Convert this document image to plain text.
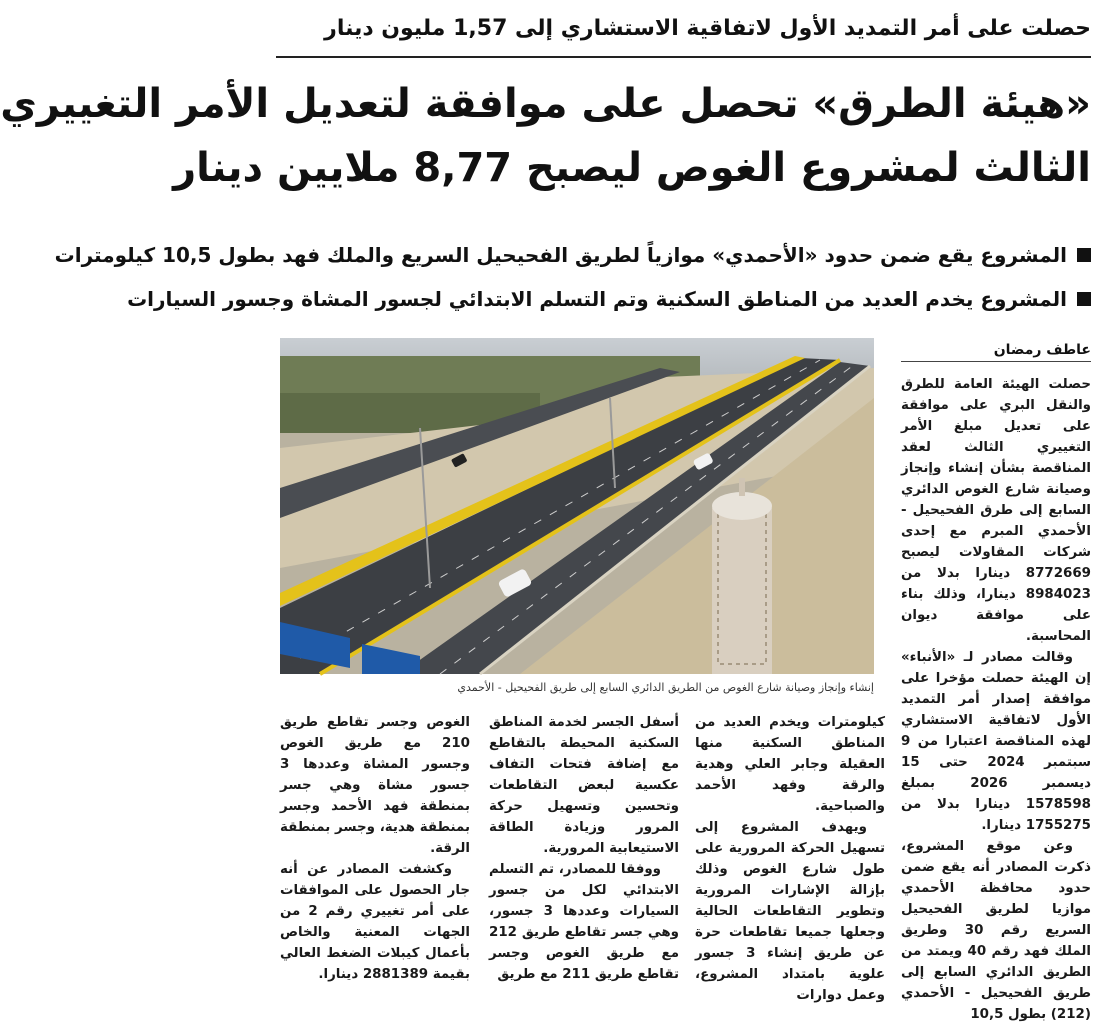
حصلت على أمر التمديد الأول لاتفاقية الاستشاري إلى 1,57 مليون دينار
«هيئة الطرق» تحصل على موافقة لتعديل الأمر التغييري
الثالث لمشروع الغوص ليصبح 8,77 ملايين دينار
المشروع يقع ضمن حدود «الأحمدي» موازياً لطريق الفحيحيل السريع والملك فهد بطول 10,5 كيلومترات
المشروع يخدم العديد من المناطق السكنية وتم التسلم الابتدائي لجسور المشاة وجسور السيارات
إنشاء وإنجاز وصيانة شارع الغوص من الطريق الدائري السابع إلى طريق الفحيحيل - الأحمدي
عاطف رمضان

حصلت الهيئة العامة للطرق والنقل البري على موافقة على تعديل مبلغ الأمر التغييري الثالث لعقد المناقصة بشأن إنشاء وإنجاز وصيانة شارع الغوص الدائري السابع إلى طرق الفحيحيل - الأحمدي المبرم مع إحدى شركات المقاولات ليصبح 8772669 دينارا بدلا من 8984023 دينارا، وذلك بناء على موافقة ديوان المحاسبة.

وقالت مصادر لـ «الأنباء» إن الهيئة حصلت مؤخرا على موافقة إصدار أمر التمديد الأول لاتفاقية الاستشاري لهذه المناقصة اعتبارا من 9 سبتمبر 2024 حتى 15 ديسمبر 2026 بمبلغ 1578598 دينارا بدلا من 1755275 دينارا.

وعن موقع المشروع، ذكرت المصادر أنه يقع ضمن حدود محافظة الأحمدي موازيا لطريق الفحيحيل السريع رقم 30 وطريق الملك فهد رقم 40 ويمتد من الطريق الدائري السابع إلى طريق الفحيحيل - الأحمدي (212) بطول 10,5

كيلومترات ويخدم العديد من المناطق السكنية منها العقيلة وجابر العلي وهدية والرقة وفهد الأحمد والصباحية.

ويهدف المشروع إلى تسهيل الحركة المرورية على طول شارع الغوص وذلك بإزالة الإشارات المرورية وتطوير التقاطعات الحالية وجعلها جميعا تقاطعات حرة عن طريق إنشاء 3 جسور علوية بامتداد المشروع، وعمل دوارات

أسفل الجسر لخدمة المناطق السكنية المحيطة بالتقاطع مع إضافة فتحات التفاف عكسية لبعض التقاطعات وتحسين وتسهيل حركة المرور وزيادة الطاقة الاستيعابية المرورية.

ووفقا للمصادر، تم التسلم الابتدائي لكل من جسور السيارات وعددها 3 جسور، وهي جسر تقاطع طريق 212 مع طريق الغوص وجسر تقاطع طريق 211 مع طريق

الغوص وجسر تقاطع طريق 210 مع طريق الغوص وجسور المشاة وعددها 3 جسور مشاة وهي جسر بمنطقة فهد الأحمد وجسر بمنطقة هدية، وجسر بمنطقة الرقة.

وكشفت المصادر عن أنه جار الحصول على الموافقات على أمر تغييري رقم 2 من الجهات المعنية والخاص بأعمال كيبلات الضغط العالي بقيمة 2881389 دينارا.
